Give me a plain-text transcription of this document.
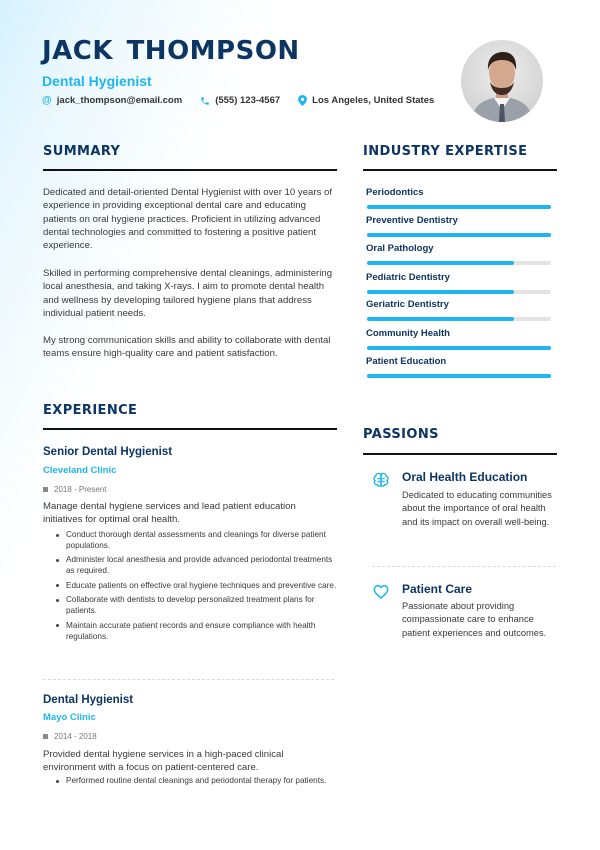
JACK THOMPSON
Dental Hygienist
@ jack_thompson@email.com	(555) 123-4567	Los Angeles, United States
SUMMARY
Dedicated and detail-oriented Dental Hygienist with over 10 years of experience in providing exceptional dental care and educating patients on oral hygiene practices. Proficient in utilizing advanced dental technologies and committed to fostering a positive patient experience.
Skilled in performing comprehensive dental cleanings, administering local anesthesia, and taking X-rays. I aim to promote dental health and wellness by developing tailored hygiene plans that address individual patient needs.
My strong communication skills and ability to collaborate with dental teams ensure high-quality care and patient satisfaction.
INDUSTRY EXPERTISE
Periodontics
Preventive Dentistry
Oral Pathology
Pediatric Dentistry
Geriatric Dentistry
Community Health
Patient Education
EXPERIENCE
Senior Dental Hygienist
Cleveland Clinic
2018 - Present
Manage dental hygiene services and lead patient education initiatives for optimal oral health.
Conduct thorough dental assessments and cleanings for diverse patient populations.
Administer local anesthesia and provide advanced periodontal treatments as required.
Educate patients on effective oral hygiene techniques and preventive care.
Collaborate with dentists to develop personalized treatment plans for patients.
Maintain accurate patient records and ensure compliance with health regulations.
Dental Hygienist
Mayo Clinic
2014 - 2018
Provided dental hygiene services in a high-paced clinical environment with a focus on patient-centered care.
Performed routine dental cleanings and periodontal therapy for patients.
PASSIONS
Oral Health Education
Dedicated to educating communities about the importance of oral health and its impact on overall well-being.
Patient Care
Passionate about providing compassionate care to enhance patient experiences and outcomes.
